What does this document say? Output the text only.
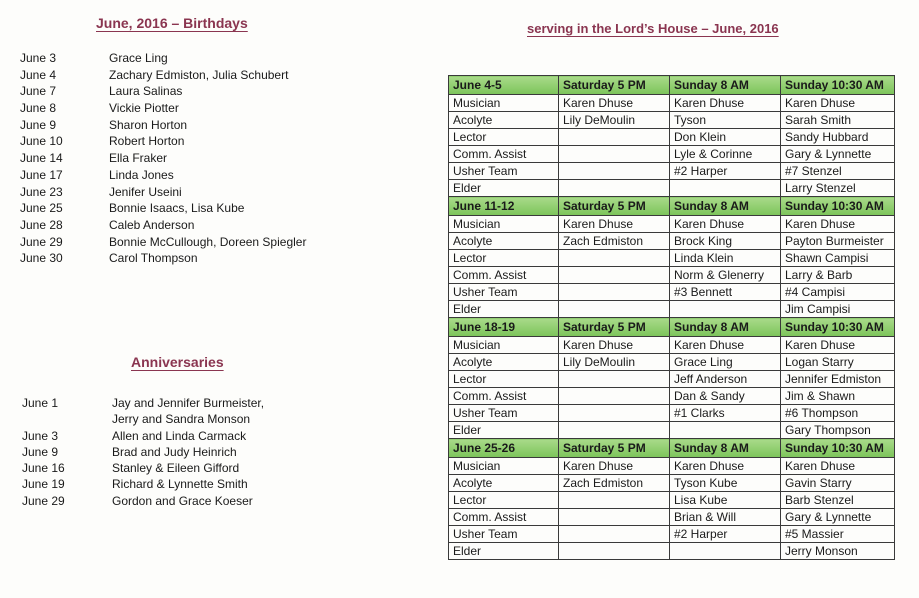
June, 2016 – Birthdays
June 3	Grace Ling
June 4	Zachary Edmiston, Julia Schubert
June 7	Laura Salinas
June 8	Vickie Piotter
June 9	Sharon Horton
June 10	Robert Horton
June 14	Ella Fraker
June 17	Linda Jones
June 23	Jenifer Useini
June 25	Bonnie Isaacs, Lisa Kube
June 28	Caleb Anderson
June 29	Bonnie McCullough, Doreen Spiegler
June 30	Carol Thompson
Anniversaries
June 1	Jay and Jennifer Burmeister,
Jerry and Sandra Monson
June 3	Allen and Linda Carmack
June 9	Brad and Judy Heinrich
June 16	Stanley & Eileen Gifford
June 19	Richard & Lynnette Smith
June 29	Gordon and Grace Koeser
serving in the Lord’s House – June, 2016
June 4-5	Saturday 5 PM	Sunday 8 AM	Sunday 10:30 AM
Musician	Karen Dhuse	Karen Dhuse	Karen Dhuse
Acolyte	Lily DeMoulin	Tyson	Sarah Smith
Lector		Don Klein	Sandy Hubbard
Comm. Assist		Lyle & Corinne	Gary & Lynnette
Usher Team		#2 Harper	#7 Stenzel
Elder			Larry Stenzel
June 11-12	Saturday 5 PM	Sunday 8 AM	Sunday 10:30 AM
Musician	Karen Dhuse	Karen Dhuse	Karen Dhuse
Acolyte	Zach Edmiston	Brock King	Payton Burmeister
Lector		Linda Klein	Shawn Campisi
Comm. Assist		Norm & Glenerry	Larry & Barb
Usher Team		#3 Bennett	#4 Campisi
Elder			Jim Campisi
June 18-19	Saturday 5 PM	Sunday 8 AM	Sunday 10:30 AM
Musician	Karen Dhuse	Karen Dhuse	Karen Dhuse
Acolyte	Lily DeMoulin	Grace Ling	Logan Starry
Lector		Jeff Anderson	Jennifer Edmiston
Comm. Assist		Dan & Sandy	Jim & Shawn
Usher Team		#1 Clarks	#6 Thompson
Elder			Gary Thompson
June 25-26	Saturday 5 PM	Sunday 8 AM	Sunday 10:30 AM
Musician	Karen Dhuse	Karen Dhuse	Karen Dhuse
Acolyte	Zach Edmiston	Tyson Kube	Gavin Starry
Lector		Lisa Kube	Barb Stenzel
Comm. Assist		Brian & Will	Gary & Lynnette
Usher Team		#2 Harper	#5 Massier
Elder			Jerry Monson
